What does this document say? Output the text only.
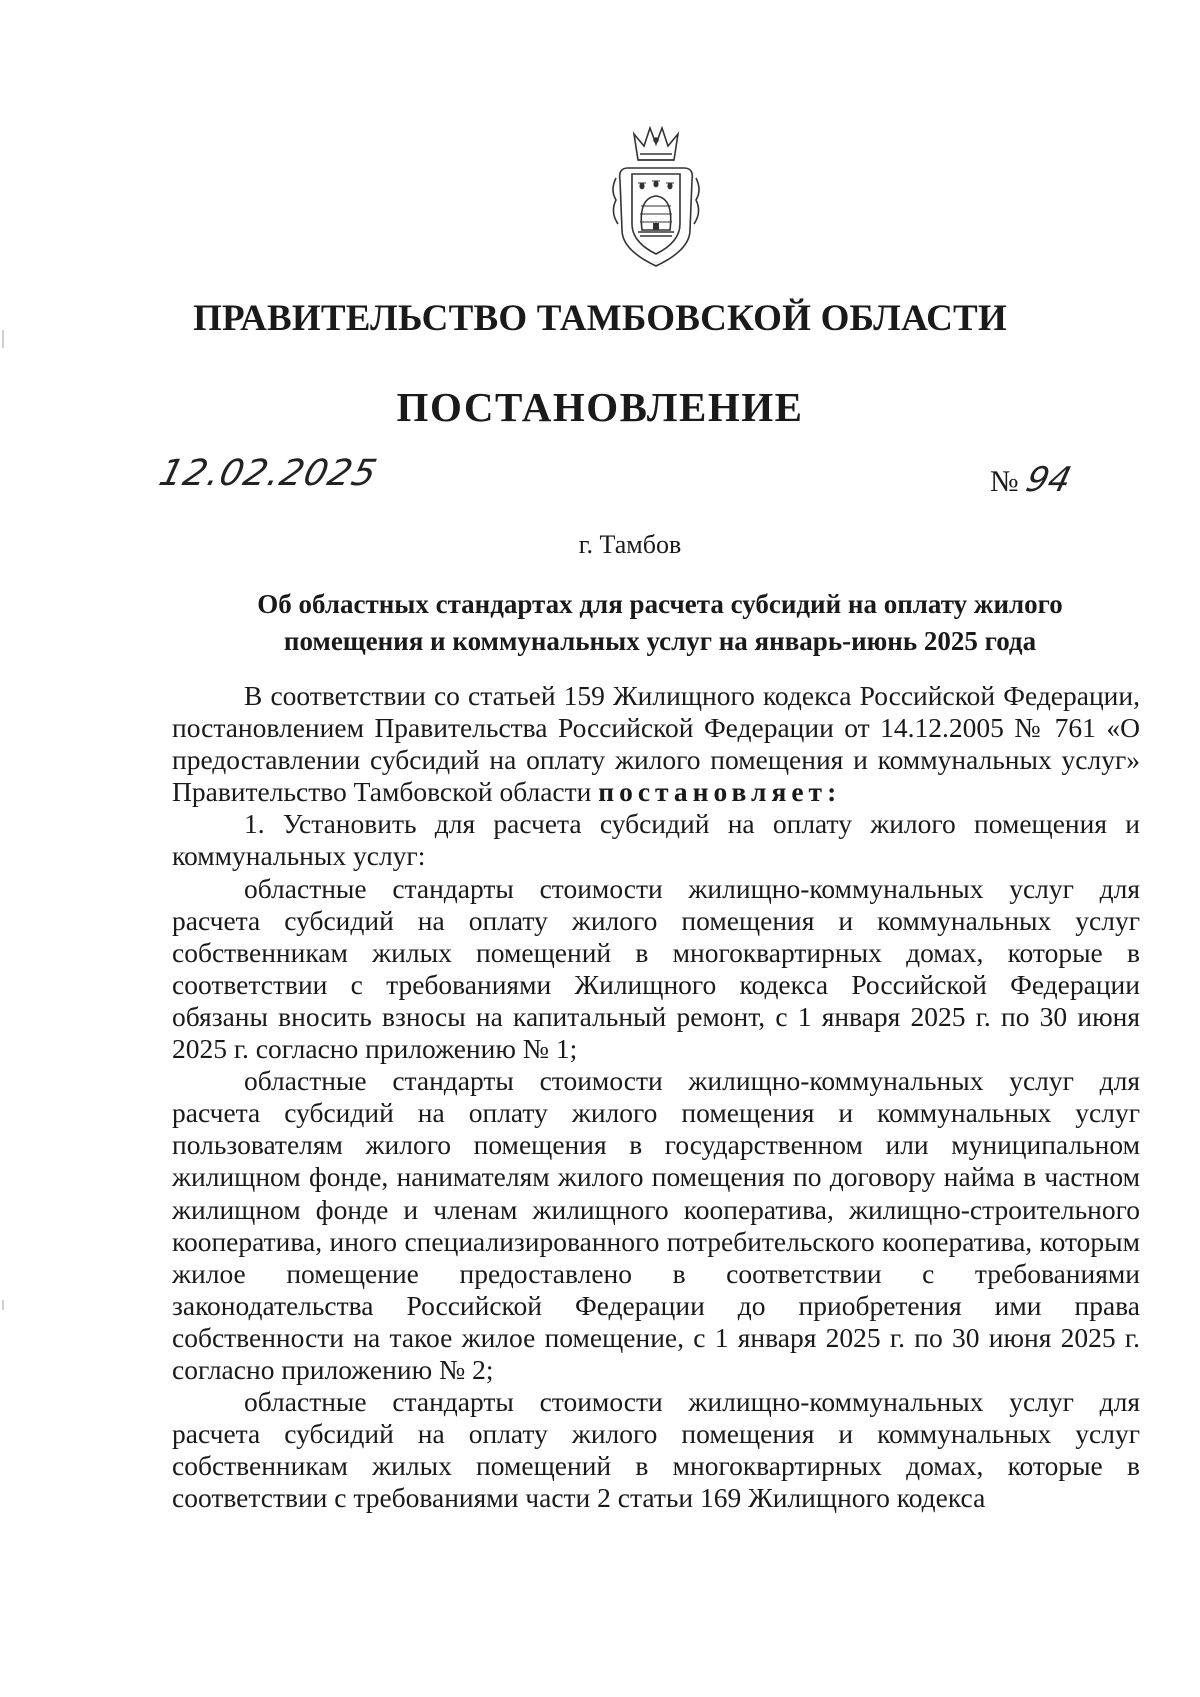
ПРАВИТЕЛЬСТВО ТАМБОВСКОЙ ОБЛАСТИ
ПОСТАНОВЛЕНИЕ
12.02.2025	№94
г. Тамбов
Об областных стандартах для расчета субсидий на оплату жилого
помещения и коммунальных услуг на январь-июнь 2025 года

В соответствии со статьей 159 Жилищного кодекса Российской Федерации, постановлением Правительства Российской Федерации от 14.12.2005 № 761 «О предоставлении субсидий на оплату жилого помещения и коммунальных услуг» Правительство Тамбовской области постановляет:

1. Установить для расчета субсидий на оплату жилого помещения и коммунальных услуг:

областные стандарты стоимости жилищно-коммунальных услуг для расчета субсидий на оплату жилого помещения и коммунальных услуг собственникам жилых помещений в многоквартирных домах, которые в соответствии с требованиями Жилищного кодекса Российской Федерации обязаны вносить взносы на капитальный ремонт, с 1 января 2025 г. по 30 июня 2025 г. согласно приложению № 1;

областные стандарты стоимости жилищно-коммунальных услуг для расчета субсидий на оплату жилого помещения и коммунальных услуг пользователям жилого помещения в государственном или муниципальном жилищном фонде, нанимателям жилого помещения по договору найма в частном жилищном фонде и членам жилищного кооператива, жилищно-строительного кооператива, иного специализированного потребительского кооператива, которым жилое помещение предоставлено в соответствии с требованиями законодательства Российской Федерации до приобретения ими права собственности на такое жилое помещение, с 1 января 2025 г. по 30 июня 2025 г. согласно приложению № 2;

областные стандарты стоимости жилищно-коммунальных услуг для расчета субсидий на оплату жилого помещения и коммунальных услуг собственникам жилых помещений в многоквартирных домах, которые в соответствии с требованиями части 2 статьи 169 Жилищного кодекса
